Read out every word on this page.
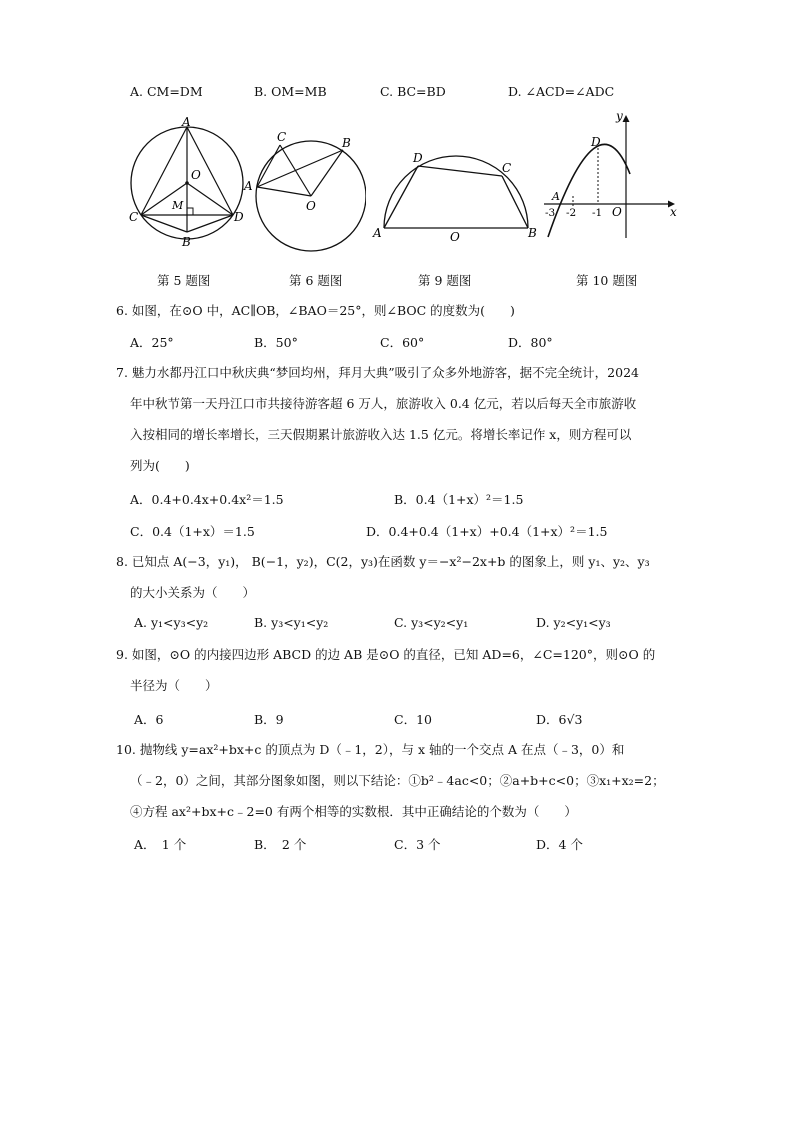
A. CM=DM	B. OM=MB	C. BC=BD	D. ∠ACD=∠ADC
A
O
M
C	D
B
C	B
A
O
D
C
A	O	B
y
D
A
x
O
-3 -2 -1
第 5 题图	第 6 题图	第 9 题图	第 10 题图
6. 如图，在⊙O 中，AC∥OB，∠BAO＝25°，则∠BOC 的度数为(　　)
A．25°	B．50°	C．60°	D．80°
7. 魅力水都丹江口中秋庆典“梦回均州，拜月大典”吸引了众多外地游客，据不完全统计，2024
年中秋节第一天丹江口市共接待游客超 6 万人，旅游收入 0.4 亿元，若以后每天全市旅游收
入按相同的增长率增长，三天假期累计旅游收入达 1.5 亿元。将增长率记作 x，则方程可以
列为(　　)
A．0.4+0.4x+0.4x²＝1.5	B．0.4（1+x）²＝1.5
C．0.4（1+x）＝1.5	D．0.4+0.4（1+x）+0.4（1+x）²＝1.5
8. 已知点 A(−3，y₁)， B(−1，y₂)，C(2，y₃)在函数 y＝−x²−2x+b 的图象上，则 y₁、y₂、y₃
的大小关系为（　　）
A. y₁<y₃<y₂	B. y₃<y₁<y₂	C. y₃<y₂<y₁	D. y₂<y₁<y₃
9. 如图，⊙O 的内接四边形 ABCD 的边 AB 是⊙O 的直径，已知 AD=6，∠C=120°，则⊙O 的
半径为（　　）
A．6	B．9	C．10	D．6√3
10. 抛物线 y=ax²+bx+c 的顶点为 D（﹣1，2），与 x 轴的一个交点 A 在点（﹣3，0）和
（﹣2，0）之间，其部分图象如图，则以下结论：①b²﹣4ac<0；②a+b+c<0；③x₁+x₂=2；
④方程 ax²+bx+c﹣2=0 有两个相等的实数根．其中正确结论的个数为（　　）
A．　1 个	B．　2 个	C．3 个	D．4 个
